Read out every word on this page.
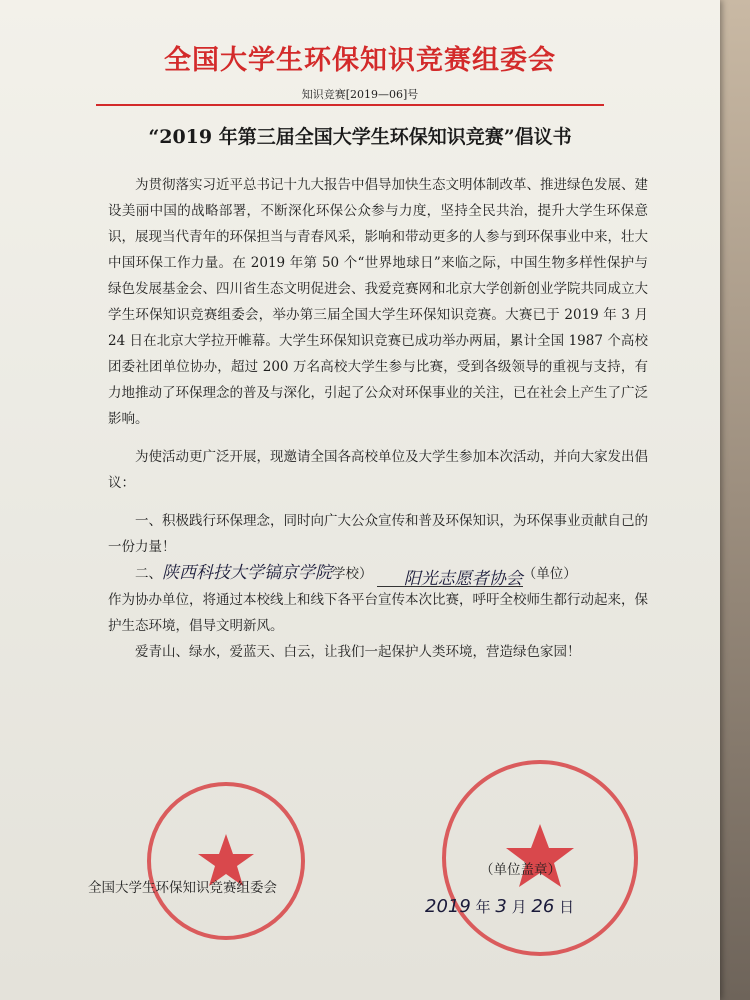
全国大学生环保知识竞赛组委会
知识竞赛[2019—06]号
“2019 年第三届全国大学生环保知识竞赛”倡议书

为贯彻落实习近平总书记十九大报告中倡导加快生态文明体制改革、推进绿色发展、建设美丽中国的战略部署，不断深化环保公众参与力度，坚持全民共治，提升大学生环保意识，展现当代青年的环保担当与青春风采，影响和带动更多的人参与到环保事业中来，壮大中国环保工作力量。在 2019 年第 50 个“世界地球日”来临之际，中国生物多样性保护与绿色发展基金会、四川省生态文明促进会、我爱竞赛网和北京大学创新创业学院共同成立大学生环保知识竞赛组委会，举办第三届全国大学生环保知识竞赛。大赛已于 2019 年 3 月 24 日在北京大学拉开帷幕。大学生环保知识竞赛已成功举办两届，累计全国 1987 个高校团委社团单位协办，超过 200 万名高校大学生参与比赛，受到各级领导的重视与支持，有力地推动了环保理念的普及与深化，引起了公众对环保事业的关注，已在社会上产生了广泛影响。

为使活动更广泛开展，现邀请全国各高校单位及大学生参加本次活动，并向大家发出倡议：

一、积极践行环保理念，同时向广大公众宣传和普及环保知识，为环保事业贡献自己的一份力量！

二、陕西科技大学镐京学院学校） 阳光志愿者协会（单位）

作为协办单位，将通过本校线上和线下各平台宣传本次比赛，呼吁全校师生都行动起来，保护生态环境，倡导文明新风。

爱青山、绿水，爱蓝天、白云，让我们一起保护人类环境，营造绿色家园！

全国大学生环保知识竞赛组委会
（单位盖章）
2019 年 3 月 26 日
